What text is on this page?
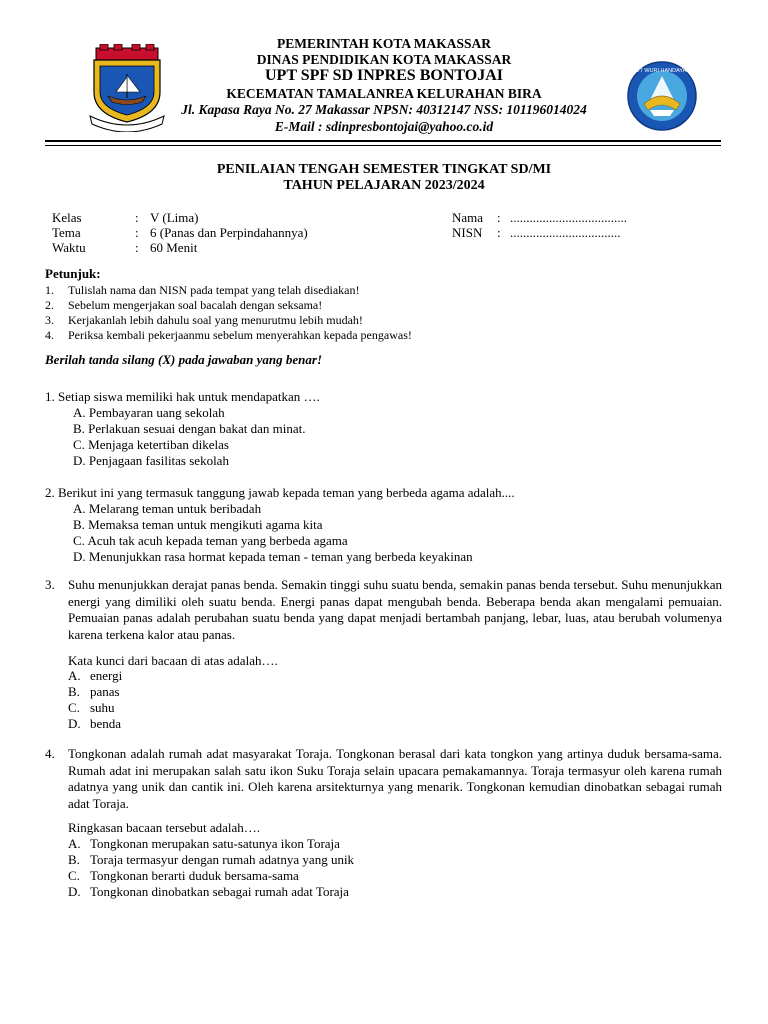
TUT WURI HANDAYANI
PEMERINTAH KOTA MAKASSAR
DINAS PENDIDIKAN KOTA MAKASSAR
UPT SPF SD INPRES BONTOJAI
KECEMATAN TAMALANREA KELURAHAN BIRA
Jl. Kapasa Raya No. 27 Makassar NPSN: 40312147 NSS: 101196014024
E-Mail : sdinpresbontojai@yahoo.co.id
PENILAIAN TENGAH SEMESTER TINGKAT SD/MI
TAHUN PELAJARAN 2023/2024
Kelas	: V (Lima)
Tema	: 6 (Panas dan Perpindahannya)
Waktu	: 60 Menit
Nama : ....................................
NISN : ..................................
Petunjuk:
1. Tulislah nama dan NISN pada tempat yang telah disediakan!
2. Sebelum mengerjakan soal bacalah dengan seksama!
3. Kerjakanlah lebih dahulu soal yang menurutmu lebih mudah!
4. Periksa kembali pekerjaanmu sebelum menyerahkan kepada pengawas!
Berilah tanda silang (X) pada jawaban yang benar!
1. Setiap siswa memiliki hak untuk mendapatkan ….
A. Pembayaran uang sekolah
B. Perlakuan sesuai dengan bakat dan minat.
C. Menjaga ketertiban dikelas
D. Penjagaan fasilitas sekolah
2. Berikut ini yang termasuk tanggung jawab kepada teman yang berbeda agama adalah....
A. Melarang teman untuk beribadah
B. Memaksa teman untuk mengikuti agama kita
C. Acuh tak acuh kepada teman yang berbeda agama
D. Menunjukkan rasa hormat kepada teman - teman yang berbeda keyakinan
3. Suhu menunjukkan derajat panas benda. Semakin tinggi suhu suatu benda, semakin panas benda tersebut. Suhu menunjukkan energi yang dimiliki oleh suatu benda. Energi panas dapat mengubah benda. Beberapa benda akan mengalami pemuaian. Pemuaian panas adalah perubahan suatu benda yang dapat menjadi bertambah panjang, lebar, luas, atau berubah volumenya karena terkena kalor atau panas.
Kata kunci dari bacaan di atas adalah….
A. energi
B. panas
C. suhu
D. benda
4. Tongkonan adalah rumah adat masyarakat Toraja. Tongkonan berasal dari kata tongkon yang artinya duduk bersama-sama. Rumah adat ini merupakan salah satu ikon Suku Toraja selain upacara pemakamannya. Toraja termasyur oleh karena rumah adatnya yang unik dan cantik ini. Oleh karena arsitekturnya yang menarik. Tongkonan kemudian dinobatkan sebagai rumah adat Toraja.
Ringkasan bacaan tersebut adalah….
A. Tongkonan merupakan satu-satunya ikon Toraja
B. Toraja termasyur dengan rumah adatnya yang unik
C. Tongkonan berarti duduk bersama-sama
D. Tongkonan dinobatkan sebagai rumah adat Toraja
